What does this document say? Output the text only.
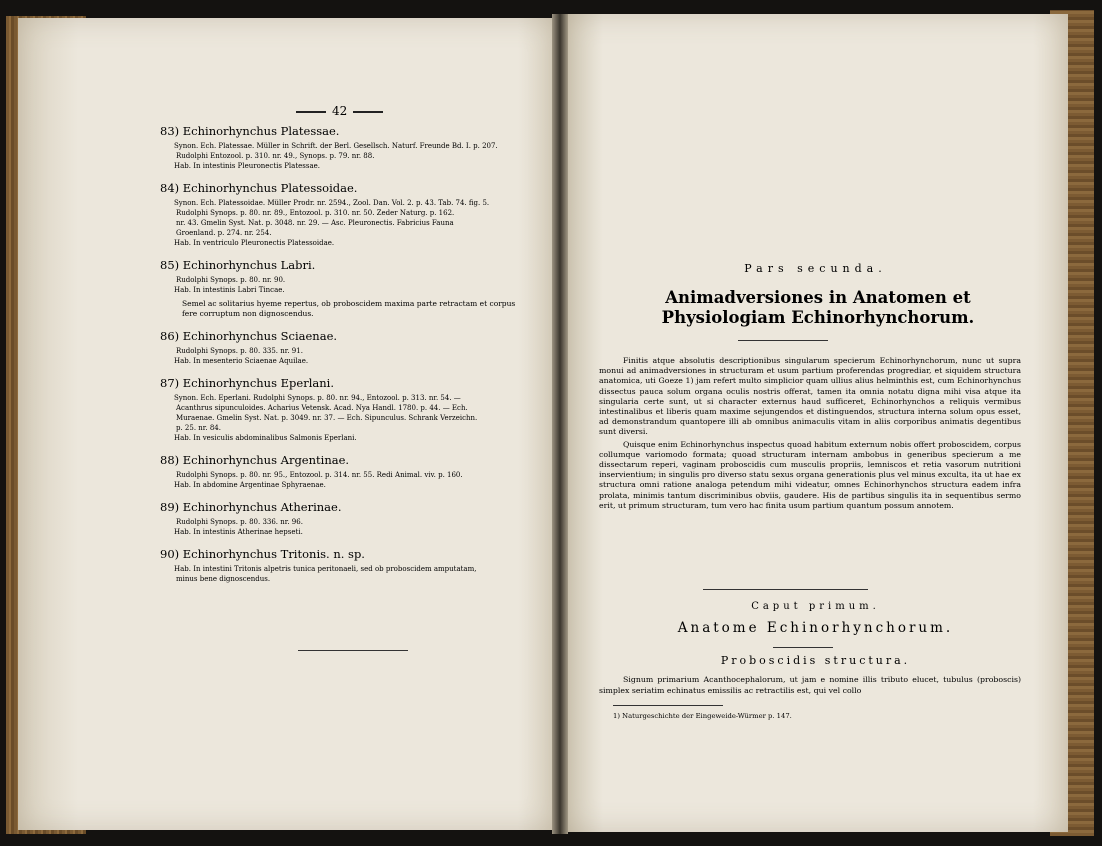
42
83) Echinorhynchus Platessae.
Synon. Ech. Platessae. Müller in Schrift. der Berl. Gesellsch. Naturf. Freunde Bd. I. p. 207.
Rudolphi Entozool. p. 310. nr. 49., Synops. p. 79. nr. 88.
Hab. In intestinis Pleuronectis Platessae.
84) Echinorhynchus Platessoidae.
Synon. Ech. Platessoidae. Müller Prodr. nr. 2594., Zool. Dan. Vol. 2. p. 43. Tab. 74. fig. 5.
Rudolphi Synops. p. 80. nr. 89., Entozool. p. 310. nr. 50. Zeder Naturg. p. 162.
nr. 43. Gmelin Syst. Nat. p. 3048. nr. 29. — Asc. Pleuronectis. Fabricius Fauna
Groenland. p. 274. nr. 254.
Hab. In ventriculo Pleuronectis Platessoidae.
85) Echinorhynchus Labri.
Rudolphi Synops. p. 80. nr. 90.
Hab. In intestinis Labri Tincae.
Semel ac solitarius hyeme repertus, ob proboscidem maxima parte retractam et corpus fere corruptum non dignoscendus.
86) Echinorhynchus Sciaenae.
Rudolphi Synops. p. 80. 335. nr. 91.
Hab. In mesenterio Sciaenae Aquilae.
87) Echinorhynchus Eperlani.
Synon. Ech. Eperlani. Rudolphi Synops. p. 80. nr. 94., Entozool. p. 313. nr. 54. —
Acanthrus sipunculoides. Acharius Vetensk. Acad. Nya Handl. 1780. p. 44. — Ech.
Muraenae. Gmelin Syst. Nat. p. 3049. nr. 37. — Ech. Sipunculus. Schrank Verzeichn.
p. 25. nr. 84.
Hab. In vesiculis abdominalibus Salmonis Eperlani.
88) Echinorhynchus Argentinae.
Rudolphi Synops. p. 80. nr. 95., Entozool. p. 314. nr. 55. Redi Animal. viv. p. 160.
Hab. In abdomine Argentinae Sphyraenae.
89) Echinorhynchus Atherinae.
Rudolphi Synops. p. 80. 336. nr. 96.
Hab. In intestinis Atherinae hepseti.
90) Echinorhynchus Tritonis. n. sp.
Hab. In intestini Tritonis alpetris tunica peritonaeli, sed ob proboscidem amputatam,
minus bene dignoscendus.
Pars secunda.
Animadversiones in Anatomen et Physiologiam Echinorhynchorum.

Finitis atque absolutis descriptionibus singularum specierum Echinorhynchorum, nunc ut supra monui ad animadversiones in structuram et usum partium proferendas progrediar, et siquidem structura anatomica, uti Goeze 1) jam refert multo simplicior quam ullius alius helminthis est, cum Echinorhynchus dissectus pauca solum organa oculis nostris offerat, tamen ita omnia notatu digna mihi visa atque ita singularia certe sunt, ut si character externus haud sufficeret, Echinorhynchos a reliquis vermibus intestinalibus et liberis quam maxime sejungendos et distinguendos, structura interna solum opus esset, ad demonstrandum quantopere illi ab omnibus animaculis vitam in aliis corporibus animatis degentibus sunt diversi.

Quisque enim Echinorhynchus inspectus quoad habitum externum nobis offert proboscidem, corpus collumque variomodo formata; quoad structuram internam ambobus in generibus specierum a me dissectarum reperi, vaginam proboscidis cum musculis propriis, lemniscos et retia vasorum nutritioni inservientium; in singulis pro diverso statu sexus organa generationis plus vel minus exculta, ita ut hae ex structura omni ratione analoga petendum mihi videatur, omnes Echinorhynchos structura eadem infra prolata, minimis tantum discriminibus obviis, gaudere. His de partibus singulis ita in sequentibus sermo erit, ut primum structuram, tum vero hac finita usum partium quantum possum annotem.

Caput primum.
Anatome Echinorhynchorum.
Proboscidis structura.

Signum primarium Acanthocephalorum, ut jam e nomine illis tributo elucet, tubulus (proboscis) simplex seriatim echinatus emissilis ac retractilis est, qui vel collo

1) Naturgeschichte der Eingeweide-Würmer p. 147.
